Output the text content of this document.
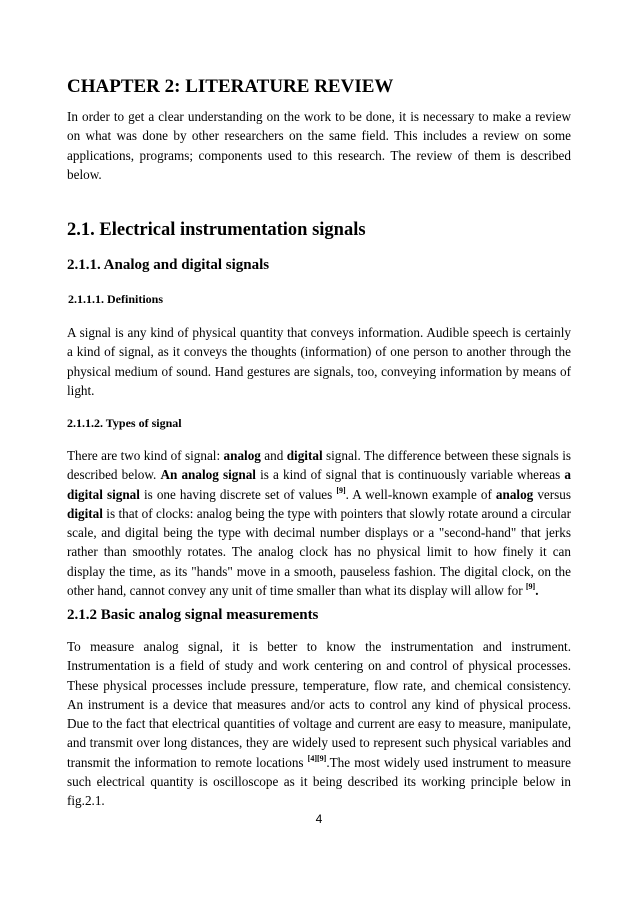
CHAPTER 2: LITERATURE REVIEW

In order to get a clear understanding on the work to be done, it is necessary to make a review on what was done by other researchers on the same field. This includes a review on some applications, programs; components used to this research. The review of them is described below.

2.1. Electrical instrumentation signals
2.1.1. Analog and digital signals
2.1.1.1. Definitions

A signal is any kind of physical quantity that conveys information. Audible speech is certainly a kind of signal, as it conveys the thoughts (information) of one person to another through the physical medium of sound. Hand gestures are signals, too, conveying information by means of light.

2.1.1.2. Types of signal

There are two kind of signal: analog and digital signal. The difference between these signals is described below. An analog signal is a kind of signal that is continuously variable whereas a digital signal is one having discrete set of values [9]. A well-known example of analog versus digital is that of clocks: analog being the type with pointers that slowly rotate around a circular scale, and digital being the type with decimal number displays or a "second-hand" that jerks rather than smoothly rotates. The analog clock has no physical limit to how finely it can display the time, as its "hands" move in a smooth, pauseless fashion. The digital clock, on the other hand, cannot convey any unit of time smaller than what its display will allow for [9].

2.1.2 Basic analog signal measurements

To measure analog signal, it is better to know the instrumentation and instrument. Instrumentation is a field of study and work centering on and control of physical processes. These physical processes include pressure, temperature, flow rate, and chemical consistency. An instrument is a device that measures and/or acts to control any kind of physical process. Due to the fact that electrical quantities of voltage and current are easy to measure, manipulate, and transmit over long distances, they are widely used to represent such physical variables and transmit the information to remote locations [4][9].The most widely used instrument to measure such electrical quantity is oscilloscope as it being described its working principle below in fig.2.1.

4
